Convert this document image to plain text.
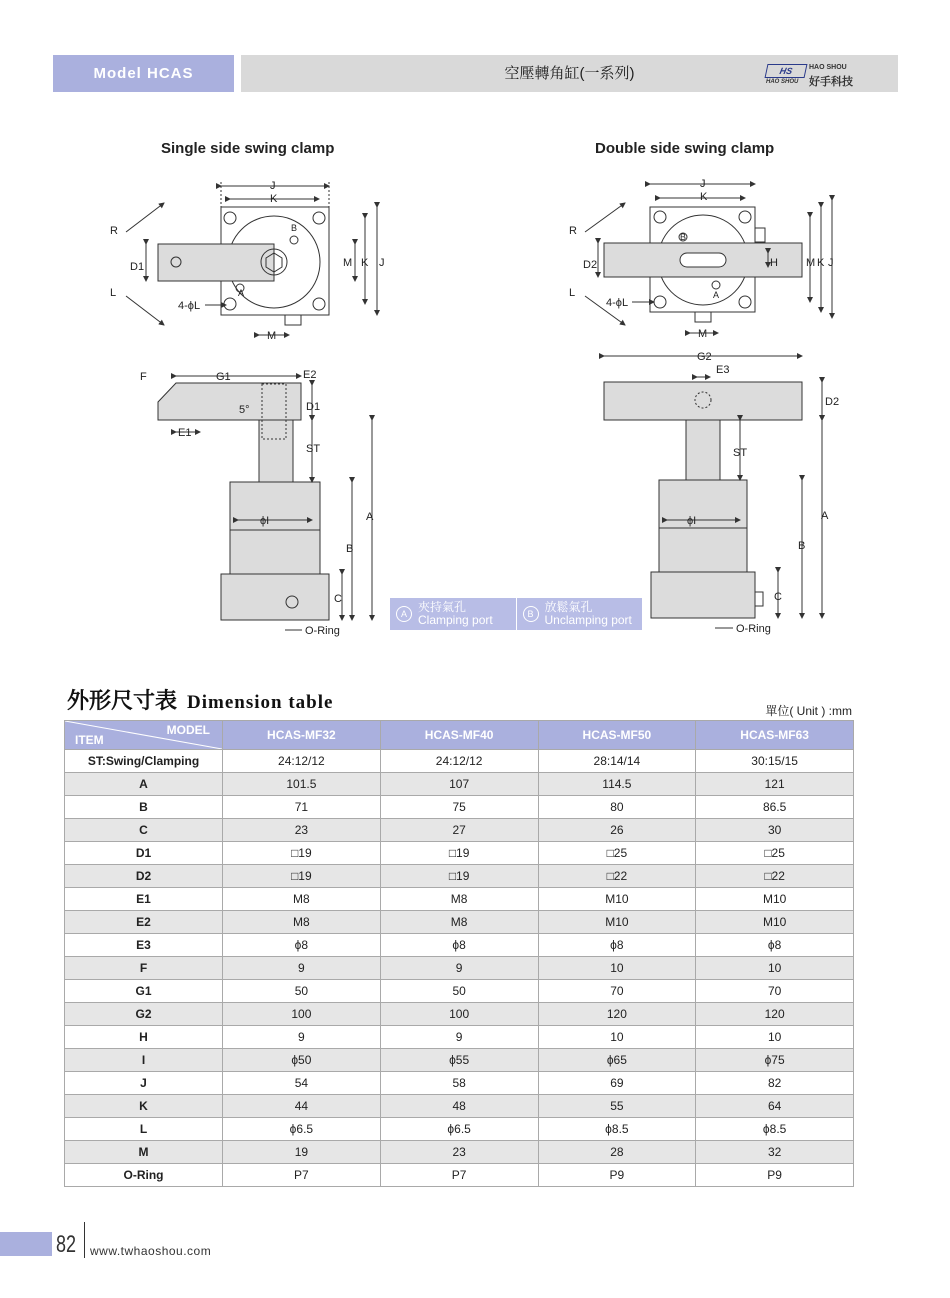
Model HCAS	空壓轉角缸(一系列)	HS	HAO SHOU
HAO SHOU 好手科技
Single side swing clamp	Double side swing clamp
J
K
M K J
D1
R
L
4-ϕL
M
B
A
J
K
H	M K J
D2
R
L
4-ϕL
M
B
A
F	G1	E2
E1
5°	D1
ST
ϕI	A
B
C
O-Ring
G2
E3
D2
ST
ϕI	A
B
C
O-Ring
A 夾持氣孔
Clamping port	B 放鬆氣孔
Unclamping port
外形尺寸表 Dimension table	單位( Unit ) :mm
MODEL
ITEM	HCAS-MF32	HCAS-MF40	HCAS-MF50	HCAS-MF63
ST:Swing/Clamping	24:12/12	24:12/12	28:14/14	30:15/15
A	101.5	107	114.5	121
B	71	75	80	86.5
C	23	27	26	30
D1	□19	□19	□25	□25
D2	□19	□19	□22	□22
E1	M8	M8	M10	M10
E2	M8	M8	M10	M10
E3	ϕ8	ϕ8	ϕ8	ϕ8
F	9	9	10	10
G1	50	50	70	70
G2	100	100	120	120
H	9	9	10	10
I	ϕ50	ϕ55	ϕ65	ϕ75
J	54	58	69	82
K	44	48	55	64
L	ϕ6.5	ϕ6.5	ϕ8.5	ϕ8.5
M	19	23	28	32
O-Ring	P7	P7	P9	P9
82 www.twhaoshou.com
